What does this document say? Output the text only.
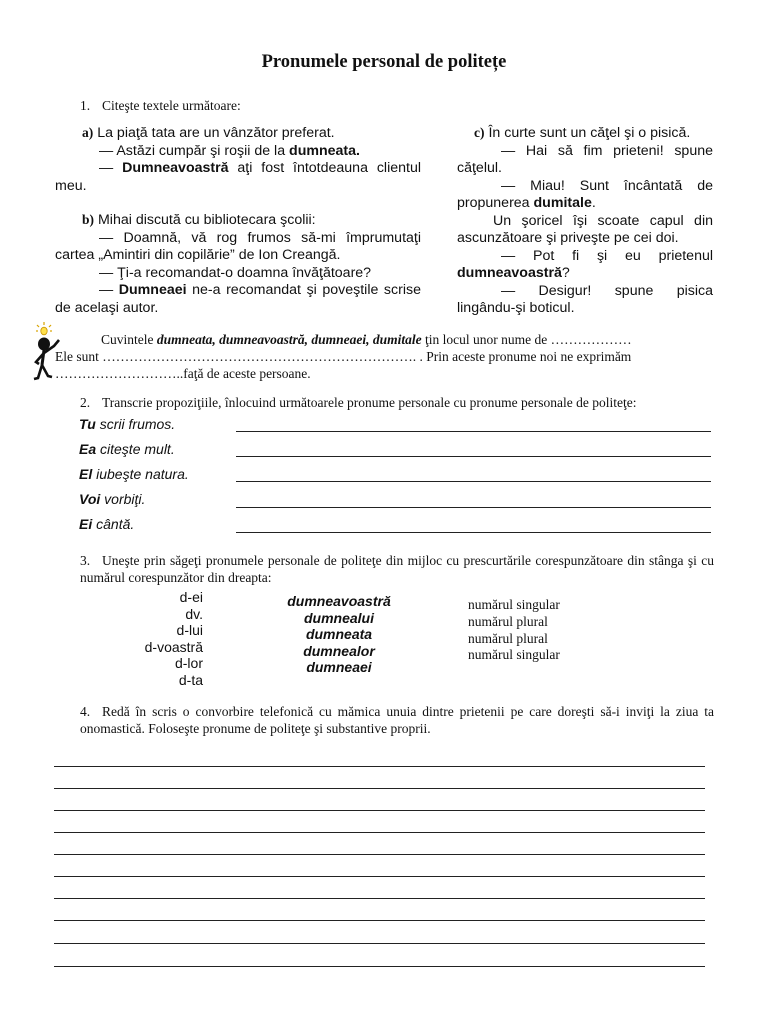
Pronumele personal de politețe
1. Citeşte textele următoare:

a) La piaţă tata are un vânzător preferat.

— Astăzi cumpăr şi roşii de la dumneata.

— Dumneavoastră aţi fost întotdeauna clientul meu.

b) Mihai discută cu bibliotecara şcolii:

— Doamnă, vă rog frumos să-mi împrumutaţi cartea „Amintiri din copilărie” de Ion Creangă.

— Ţi-a recomandat-o doamna învăţătoare?

— Dumneaei ne-a recomandat şi poveştile scrise de acelaşi autor.

c) În curte sunt un căţel şi o pisică.

— Hai să fim prieteni! spune căţelul.

— Miau! Sunt încântată de propunerea dumitale.

Un şoricel îşi scoate capul din ascunzătoare şi priveşte pe cei doi.

— Pot fi şi eu prietenul dumneavoastră?

— Desigur! spune pisica lingându-şi boticul.

Cuvintele dumneata, dumneavoastră, dumneaei, dumitale ţin locul unor nume de ………………
Ele sunt ……………………………………………………………. . Prin aceste pronume noi ne exprimăm
………………………..faţă de aceste persoane.
2. Transcrie propoziţiile, înlocuind următoarele pronume personale cu pronume personale de politeţe:
Tu scrii frumos.
Ea citeşte mult.
El iubeşte natura.
Voi vorbiţi.
Ei cântă.
3. Uneşte prin săgeţi pronumele personale de politeţe din mijloc cu prescurtările corespunzătoare din stânga şi cu numărul corespunzător din dreapta:
d-ei
dv.
d-lui
d-voastră
d-lor
d-ta
dumneavoastră
dumnealui
dumneata
dumnealor
dumneaei
numărul singular
numărul plural
numărul plural
numărul singular
4. Redă în scris o convorbire telefonică cu mămica unuia dintre prietenii pe care doreşti să-i inviţi la ziua ta onomastică. Foloseşte pronume de politeţe şi substantive proprii.
